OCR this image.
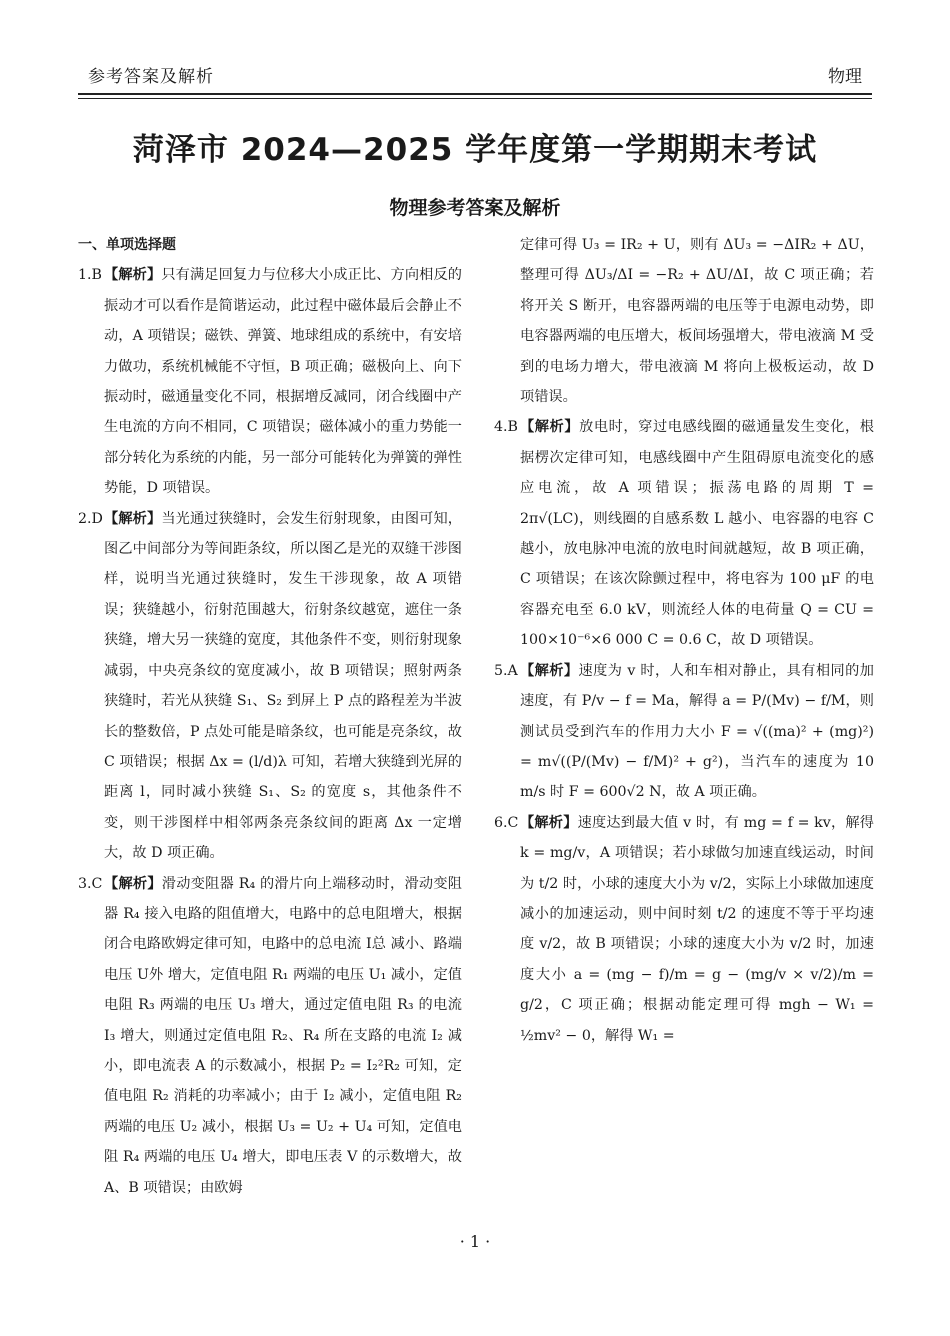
参考答案及解析	物理
菏泽市 2024—2025 学年度第一学期期末考试
物理参考答案及解析
一、单项选择题
1.B 【解析】只有满足回复力与位移大小成正比、方向相反的振动才可以看作是简谐运动，此过程中磁体最后会静止不动，A 项错误；磁铁、弹簧、地球组成的系统中，有安培力做功，系统机械能不守恒，B 项正确；磁极向上、向下振动时，磁通量变化不同，根据增反减同，闭合线圈中产生电流的方向不相同，C 项错误；磁体减小的重力势能一部分转化为系统的内能，另一部分可能转化为弹簧的弹性势能，D 项错误。
2.D 【解析】当光通过狭缝时，会发生衍射现象，由图可知，图乙中间部分为等间距条纹，所以图乙是光的双缝干涉图样，说明当光通过狭缝时，发生干涉现象，故 A 项错误；狭缝越小，衍射范围越大，衍射条纹越宽，遮住一条狭缝，增大另一狭缝的宽度，其他条件不变，则衍射现象减弱，中央亮条纹的宽度减小，故 B 项错误；照射两条狭缝时，若光从狭缝 S₁、S₂ 到屏上 P 点的路程差为半波长的整数倍，P 点处可能是暗条纹，也可能是亮条纹，故 C 项错误；根据 Δx = (l/d)λ 可知，若增大狭缝到光屏的距离 l，同时减小狭缝 S₁、S₂ 的宽度 s，其他条件不变，则干涉图样中相邻两条亮条纹间的距离 Δx 一定增大，故 D 项正确。
3.C 【解析】滑动变阻器 R₄ 的滑片向上端移动时，滑动变阻器 R₄ 接入电路的阻值增大，电路中的总电阻增大，根据闭合电路欧姆定律可知，电路中的总电流 I总 减小、路端电压 U外 增大，定值电阻 R₁ 两端的电压 U₁ 减小，定值电阻 R₃ 两端的电压 U₃ 增大，通过定值电阻 R₃ 的电流 I₃ 增大，则通过定值电阻 R₂、R₄ 所在支路的电流 I₂ 减小，即电流表 A 的示数减小，根据 P₂ = I₂²R₂ 可知，定值电阻 R₂ 消耗的功率减小；由于 I₂ 减小，定值电阻 R₂ 两端的电压 U₂ 减小，根据 U₃ = U₂ + U₄ 可知，定值电阻 R₄ 两端的电压 U₄ 增大，即电压表 V 的示数增大，故 A、B 项错误；由欧姆
定律可得 U₃ = IR₂ + U，则有 ΔU₃ = −ΔIR₂ + ΔU，整理可得 ΔU₃/ΔI = −R₂ + ΔU/ΔI，故 C 项正确；若将开关 S 断开，电容器两端的电压等于电源电动势，即电容器两端的电压增大，板间场强增大，带电液滴 M 受到的电场力增大，带电液滴 M 将向上极板运动，故 D 项错误。
4.B 【解析】放电时，穿过电感线圈的磁通量发生变化，根据楞次定律可知，电感线圈中产生阻碍原电流变化的感应电流，故 A 项错误；振荡电路的周期 T = 2π√(LC)，则线圈的自感系数 L 越小、电容器的电容 C 越小，放电脉冲电流的放电时间就越短，故 B 项正确，C 项错误；在该次除颤过程中，将电容为 100 μF 的电容器充电至 6.0 kV，则流经人体的电荷量 Q = CU = 100×10⁻⁶×6 000 C = 0.6 C，故 D 项错误。
5.A 【解析】速度为 v 时，人和车相对静止，具有相同的加速度，有 P/v − f = Ma，解得 a = P/(Mv) − f/M，则测试员受到汽车的作用力大小 F = √((ma)² + (mg)²) = m√((P/(Mv) − f/M)² + g²)，当汽车的速度为 10 m/s 时 F = 600√2 N，故 A 项正确。
6.C 【解析】速度达到最大值 v 时，有 mg = f = kv，解得 k = mg/v，A 项错误；若小球做匀加速直线运动，时间为 t/2 时，小球的速度大小为 v/2，实际上小球做加速度减小的加速运动，则中间时刻 t/2 的速度不等于平均速度 v/2，故 B 项错误；小球的速度大小为 v/2 时，加速度大小 a = (mg − f)/m = g − (mg/v × v/2)/m = g/2，C 项正确；根据动能定理可得 mgh − W₁ = ½mv² − 0，解得 W₁ =
· 1 ·
